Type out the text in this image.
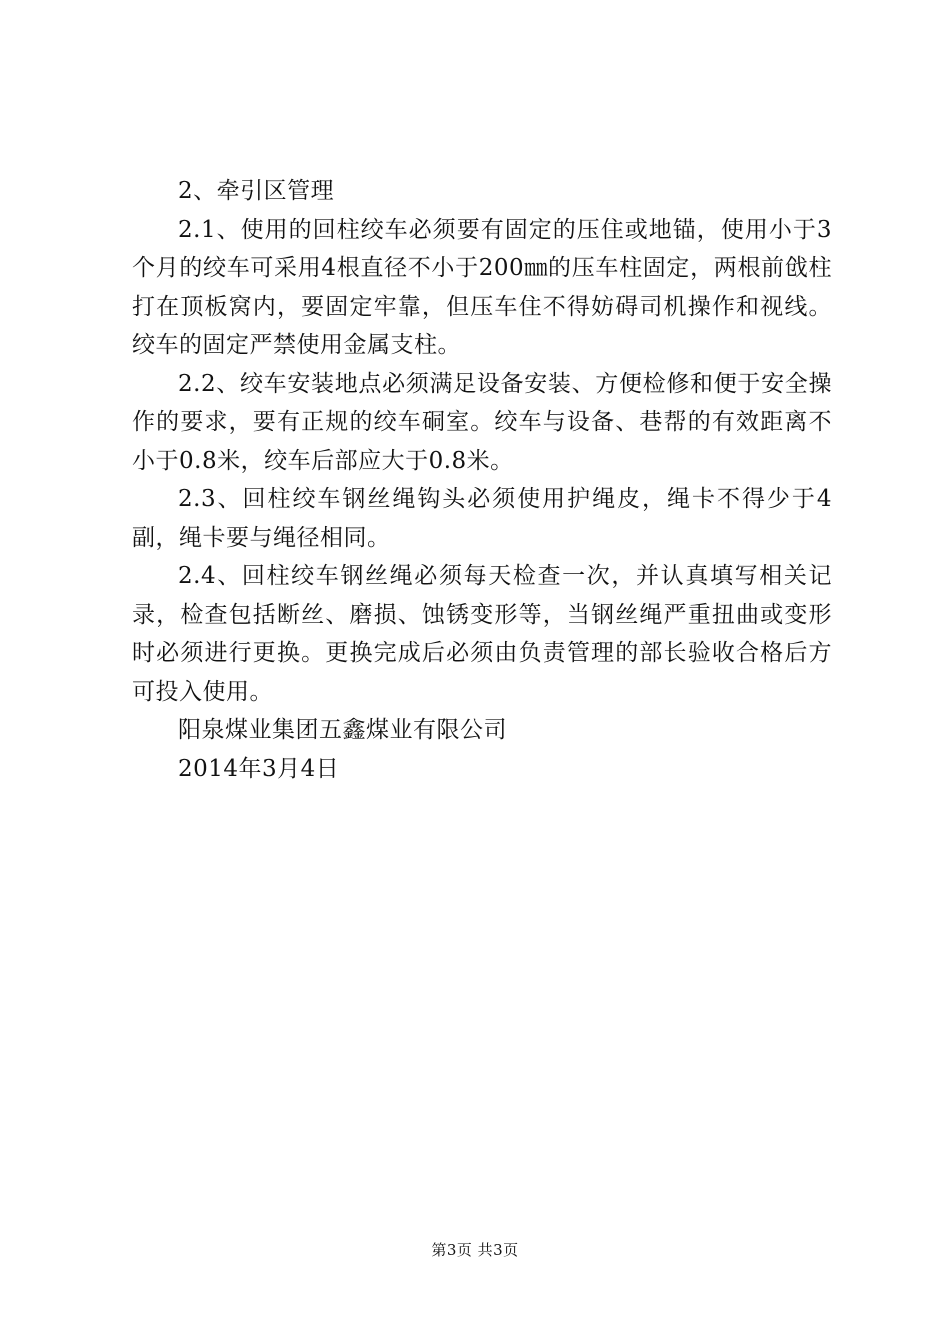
2、牵引区管理

2.1、使用的回柱绞车必须要有固定的压住或地锚，使用小于3个月的绞车可采用4根直径不小于200㎜的压车柱固定，两根前戗柱打在顶板窝内，要固定牢靠，但压车住不得妨碍司机操作和视线。绞车的固定严禁使用金属支柱。

2.2、绞车安装地点必须满足设备安装、方便检修和便于安全操作的要求，要有正规的绞车硐室。绞车与设备、巷帮的有效距离不小于0.8米，绞车后部应大于0.8米。

2.3、回柱绞车钢丝绳钩头必须使用护绳皮，绳卡不得少于4副，绳卡要与绳径相同。

2.4、回柱绞车钢丝绳必须每天检查一次，并认真填写相关记录，检查包括断丝、磨损、蚀锈变形等，当钢丝绳严重扭曲或变形时必须进行更换。更换完成后必须由负责管理的部长验收合格后方可投入使用。

阳泉煤业集团五鑫煤业有限公司

2014年3月4日

第3页 共3页
